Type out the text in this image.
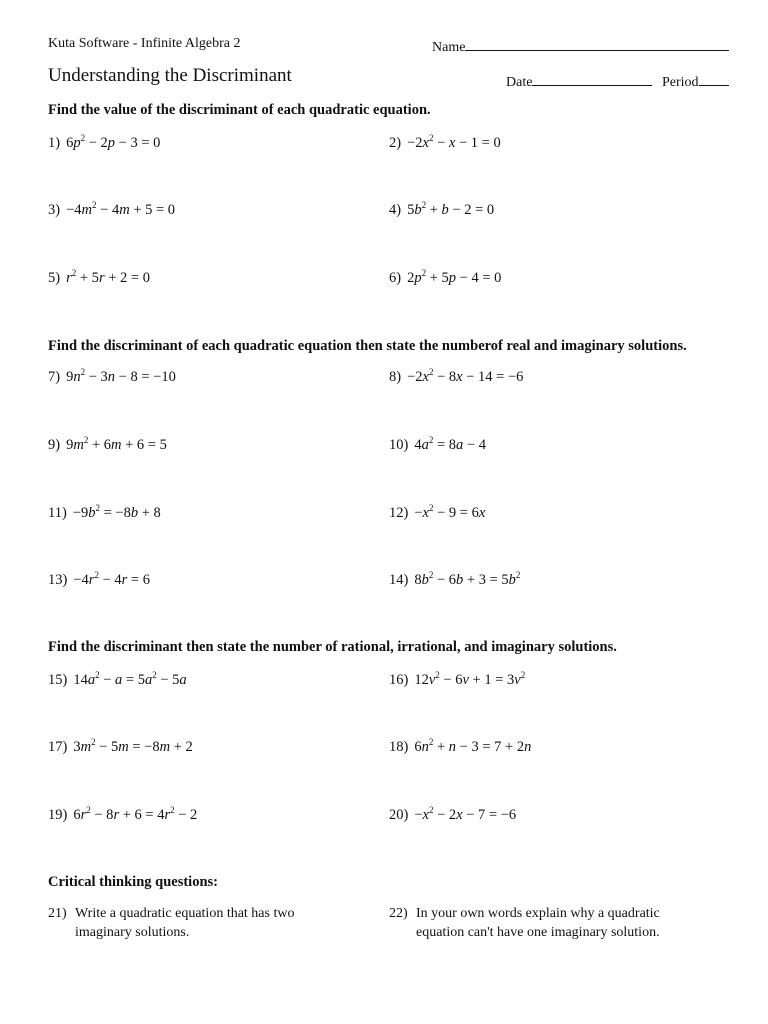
Kuta Software - Infinite Algebra 2	Name
Understanding the Discriminant	Date	Period
Find the value of the discriminant of each quadratic equation.
1) $6p^2 - 2p - 3 = 0$	$2) -2x^2 - x - 1 = 0$
$3) -4m^2 - 4m + 5 = 0$	4) $5b^2 + b - 2 = 0$
5) $r^2 + 5r + 2 = 0$	6) $2p^2 + 5p - 4 = 0$
Find the discriminant of each quadratic equation then state the numberof real and imaginary solutions.
7) $9n^2 - 3n - 8 = -10$	$8) -2x^2 - 8x - 14 = -6$
9) $9m^2 + 6m + 6 = 5$	10) $4a^2 = 8a - 4$
$11) -9b^2 = -8b + 8$	$12) -x^2 - 9 = 6x$
$13) -4r^2 - 4r = 6$	14) $8b^2 - 6b + 3 = 5b^2$
Find the discriminant then state the number of rational, irrational, and imaginary solutions.
15) $14a^2 - a = 5a^2 - 5a$	16) $12v^2 - 6v + 1 = 3v^2$
17) $3m^2 - 5m = -8m + 2$	18) $6n^2 + n - 3 = 7 + 2n$
19) $6r^2 - 8r + 6 = 4r^2 - 2$	$20) -x^2 - 2x - 7 = -6$
Critical thinking questions:
21) Write a quadratic equation that has two
imaginary solutions.
22) In your own words explain why a quadratic
equation can't have one imaginary solution.
